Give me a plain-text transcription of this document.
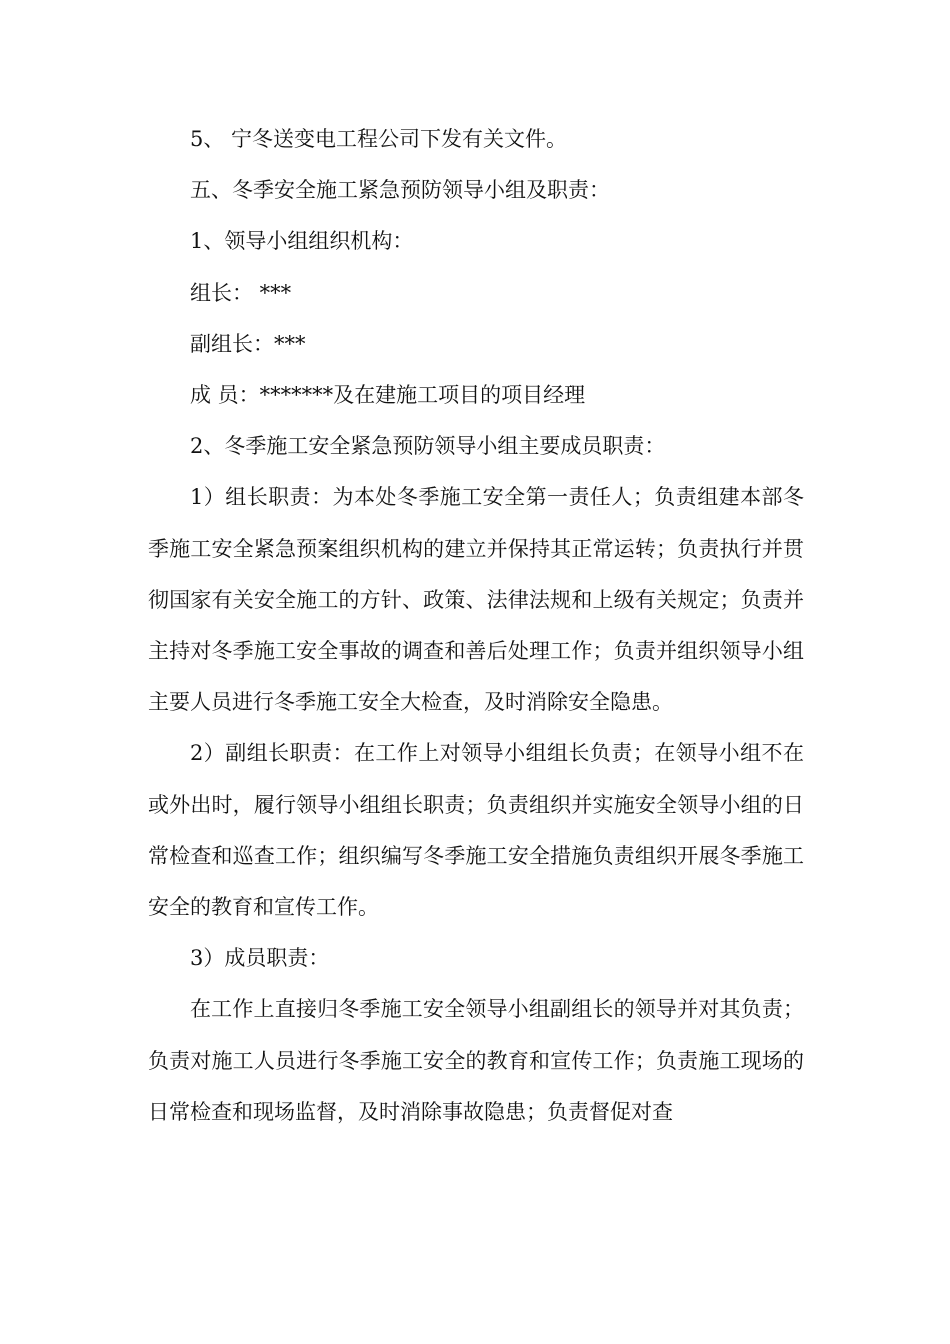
5、 宁冬送变电工程公司下发有关文件。

五、冬季安全施工紧急预防领导小组及职责：

1、领导小组组织机构：

组长： ***

副组长：***

成 员：*******及在建施工项目的项目经理

2、冬季施工安全紧急预防领导小组主要成员职责：

1）组长职责：为本处冬季施工安全第一责任人；负责组建本部冬季施工安全紧急预案组织机构的建立并保持其正常运转；负责执行并贯彻国家有关安全施工的方针、政策、法律法规和上级有关规定；负责并主持对冬季施工安全事故的调查和善后处理工作；负责并组织领导小组主要人员进行冬季施工安全大检查，及时消除安全隐患。

2）副组长职责：在工作上对领导小组组长负责；在领导小组不在或外出时，履行领导小组组长职责；负责组织并实施安全领导小组的日常检查和巡查工作；组织编写冬季施工安全措施负责组织开展冬季施工安全的教育和宣传工作。

3）成员职责：

在工作上直接归冬季施工安全领导小组副组长的领导并对其负责；负责对施工人员进行冬季施工安全的教育和宣传工作；负责施工现场的日常检查和现场监督，及时消除事故隐患；负责督促对查
